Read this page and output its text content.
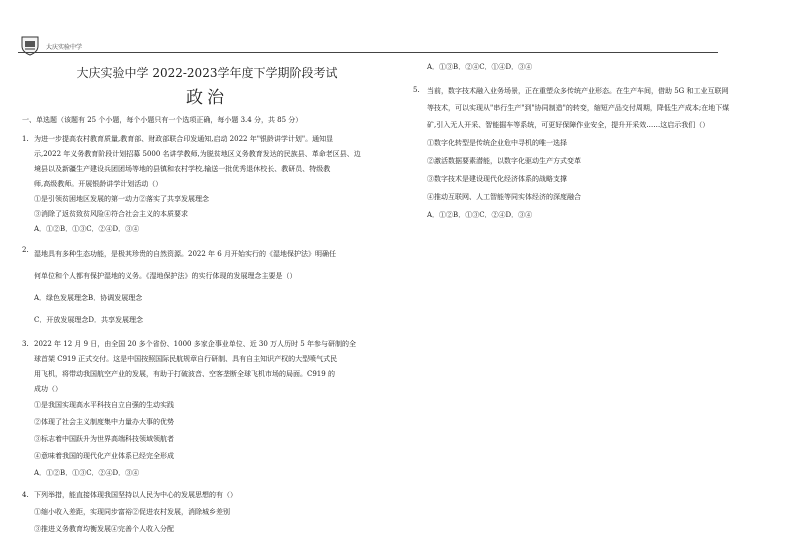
大庆实验中学
大庆实验中学 2022-2023学年度下学期阶段考试
政治
一、单选题（该题有 25 个小题，每个小题只有一个选项正确，每小题 3.4 分，共 85 分）
1. 为进一步提高农村教育质量,教育部、财政部联合印发通知,启动 2022 年"银龄讲学计划"。通知显
示,2022 年义务教育阶段计划招募 5000 名讲学教师,为脱贫地区义务教育发达的民族县、革命老区县、边
境县以及新疆生产建设兵团团场等地的县镇和农村学校,输送一批优秀退休校长、教研员、特级教
师,高级教师。开展银龄讲学计划活动（）
①是引领贫困地区发展的第一动力②落实了共享发展理念
③消除了返贫致贫风险④符合社会主义的本质要求
A．①②B．①③C．②④D．③④
2. 湿地具有多种生态功能，是极其珍贵的自然资源。2022 年 6 月开始实行的《湿地保护法》明确任
何单位和个人都有保护湿地的义务。《湿地保护法》的实行体现的发展理念主要是（）
A．绿色发展理念B．协调发展理念
C．开放发展理念D．共享发展理念
3. 2022 年 12 月 9 日，由全国 20 多个省份、1000 多家企事业单位、近 30 万人历时 5 年参与研制的全
球首架 C919 正式交付。这是中国按照国际民航规章自行研制、具有自主知识产权的大型喷气式民
用飞机，将带动我国航空产业的发展，有助于打破波音、空客垄断全球飞机市场的局面。C919 的
成功（）
①是我国实现高水平科技自立自强的生动实践
②体现了社会主义制度集中力量办大事的优势
③标志着中国跃升为世界高端科技领域领航者
④意味着我国的现代化产业体系已经完全形成
A．①②B．①③C．②④D．③④
4. 下列举措，能直接体现我国坚持以人民为中心的发展思想的有（）
①缩小收入差距，实现同步富裕②促进农村发展，消除城乡差别
③推进义务教育均衡发展④完善个人收入分配
A．①③B．②④C．①④D．③④
5. 当前，数字技术融入业务场景，正在重塑众多传统产业形态。在生产车间，借助 5G 和工业互联网
等技术，可以实现从"串行生产"到"协同制造"的转变，缩短产品交付周期，降低生产成本;在地下煤
矿,引入无人开采、智能掘车等系统，可更好保障作业安全，提升开采效……这启示我们（）
①数字化转型是传统企业危中寻机的唯一选择
②激活数据要素潜能，以数字化驱动生产方式变革
③数字技术是建设现代化经济体系的战略支撑
④推动互联网、人工智能等同实体经济的深度融合
A．①②B．①③C．②④D．③④
